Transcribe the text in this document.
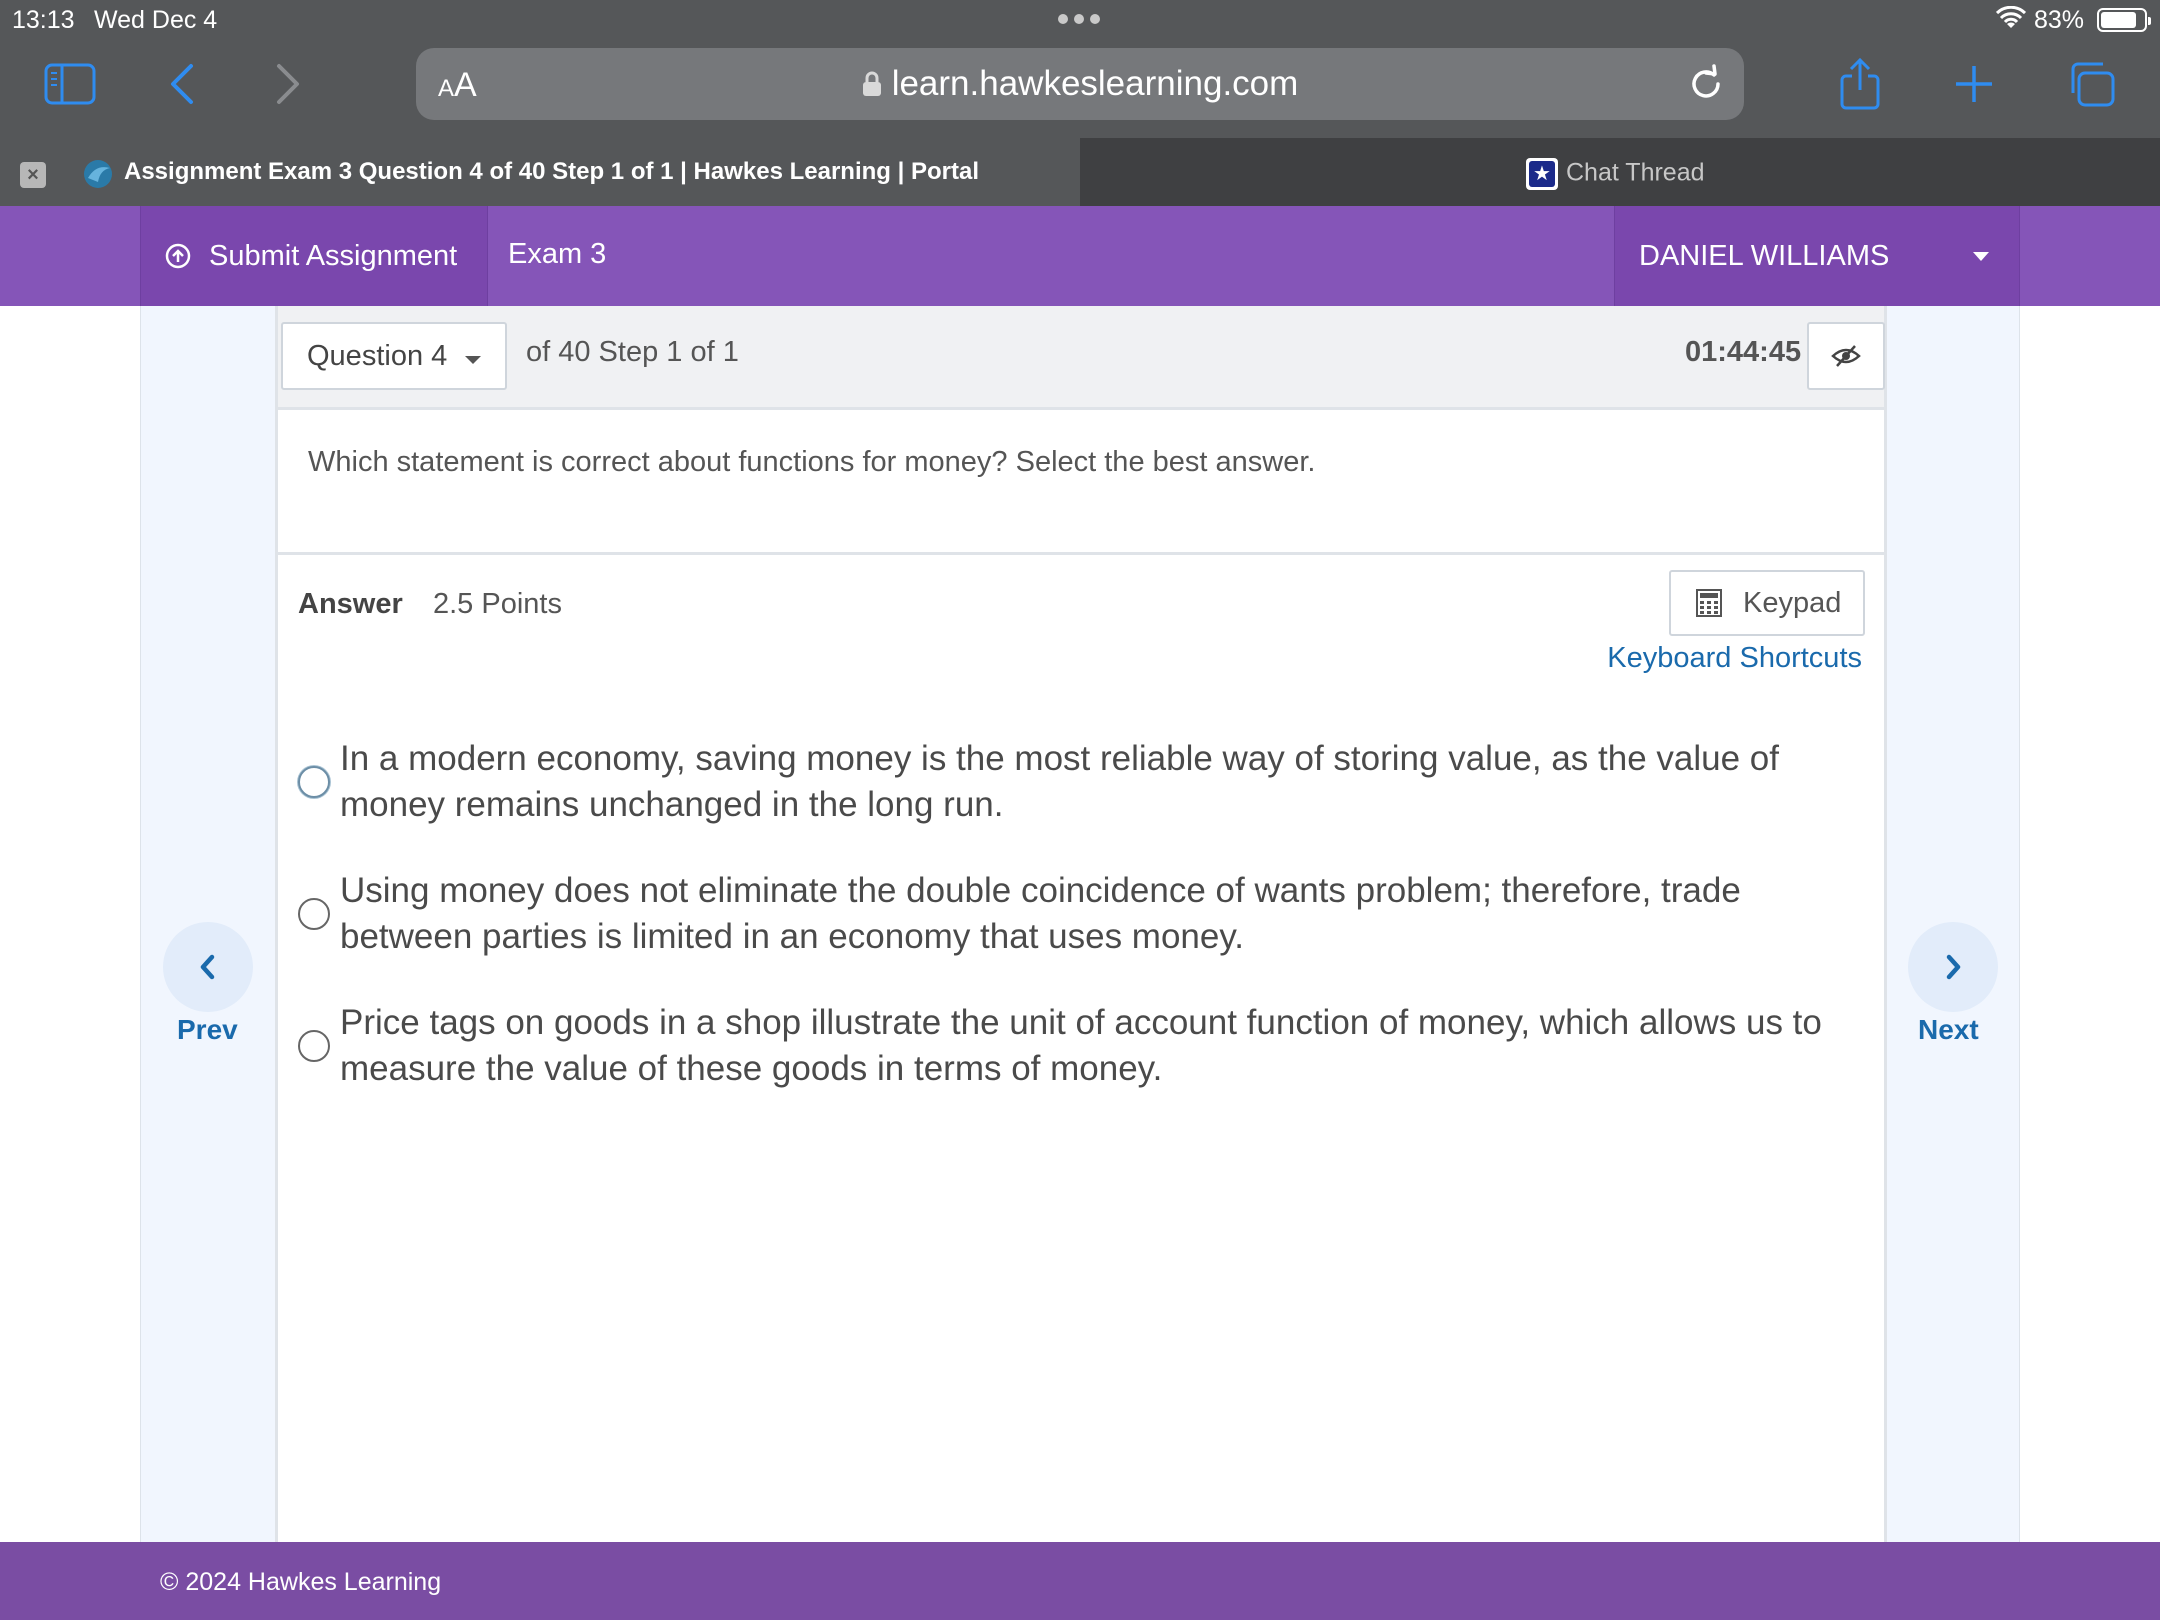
13:13 Wed Dec 4	83%
AA	learn.hawkeslearning.com
×	Assignment Exam 3 Question 4 of 40 Step 1 of 1 | Hawkes Learning | Portal	★ Chat Thread
Submit Assignment Exam 3	DANIEL WILLIAMS
Prev	Next
Question 4	of 40 Step 1 of 1	01:44:45

Which statement is correct about functions for money? Select the best answer.

Answer 2.5 Points	Keypad
Keyboard Shortcuts

In a modern economy, saving money is the most reliable way of storing value, as the value of money remains unchanged in the long run.

Using money does not eliminate the double coincidence of wants problem; therefore, trade between parties is limited in an economy that uses money.

Price tags on goods in a shop illustrate the unit of account function of money, which allows us to measure the value of these goods in terms of money.

© 2024 Hawkes Learning
